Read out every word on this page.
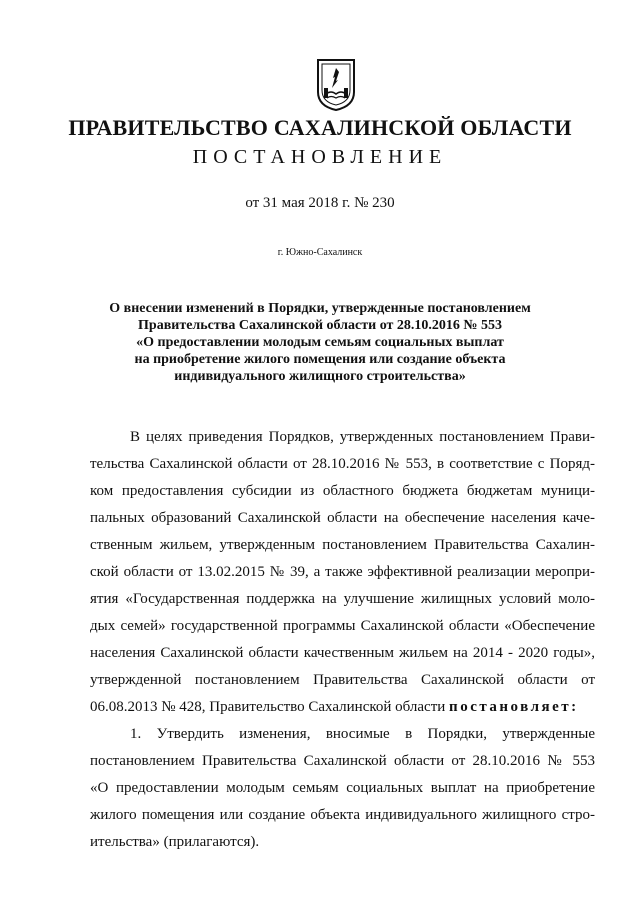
ПРАВИТЕЛЬСТВО САХАЛИНСКОЙ ОБЛАСТИ
ПОСТАНОВЛЕНИЕ
от 31 мая 2018 г. № 230
г. Южно-Сахалинск
О внесении изменений в Порядки, утвержденные постановлением
Правительства Сахалинской области от 28.10.2016 № 553
«О предоставлении молодым семьям социальных выплат
на приобретение жилого помещения или создание объекта
индивидуального жилищного строительства»
В целях приведения Порядков, утвержденных постановлением Прави-
тельства Сахалинской области от 28.10.2016 № 553, в соответствие с Поряд-
ком предоставления субсидии из областного бюджета бюджетам муници-
пальных образований Сахалинской области на обеспечение населения каче-
ственным жильем, утвержденным постановлением Правительства Сахалин-
ской области от 13.02.2015 № 39, а также эффективной реализации меропри-
ятия «Государственная поддержка на улучшение жилищных условий моло-
дых семей» государственной программы Сахалинской области «Обеспечение
населения Сахалинской области качественным жильем на 2014 - 2020 годы»,
утвержденной постановлением Правительства Сахалинской области от
06.08.2013 № 428, Правительство Сахалинской области постановляет:
1. Утвердить изменения, вносимые в Порядки, утвержденные
постановлением Правительства Сахалинской области от 28.10.2016 № 553
«О предоставлении молодым семьям социальных выплат на приобретение
жилого помещения или создание объекта индивидуального жилищного стро-
ительства» (прилагаются).
